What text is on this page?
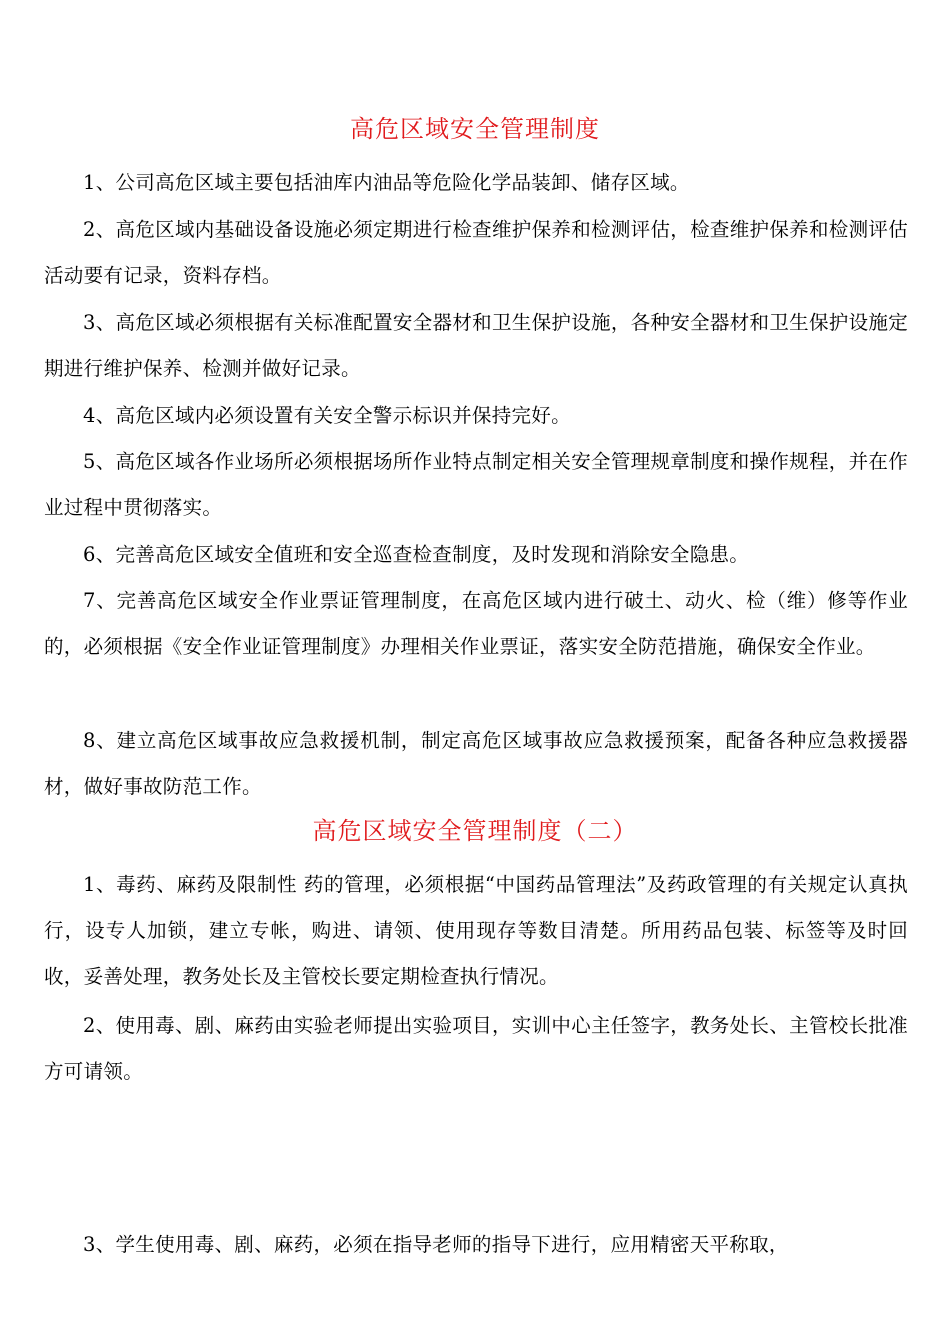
高危区域安全管理制度

1、公司高危区域主要包括油库内油品等危险化学品装卸、储存区域。

2、高危区域内基础设备设施必须定期进行检查维护保养和检测评估，检查维护保养和检测评估活动要有记录，资料存档。

3、高危区域必须根据有关标准配置安全器材和卫生保护设施，各种安全器材和卫生保护设施定期进行维护保养、检测并做好记录。

4、高危区域内必须设置有关安全警示标识并保持完好。

5、高危区域各作业场所必须根据场所作业特点制定相关安全管理规章制度和操作规程，并在作业过程中贯彻落实。

6、完善高危区域安全值班和安全巡查检查制度，及时发现和消除安全隐患。

7、完善高危区域安全作业票证管理制度，在高危区域内进行破土、动火、检（维）修等作业的，必须根据《安全作业证管理制度》办理相关作业票证，落实安全防范措施，确保安全作业。

8、建立高危区域事故应急救援机制，制定高危区域事故应急救援预案，配备各种应急救援器材，做好事故防范工作。

高危区域安全管理制度（二）

1、毒药、麻药及限制性 药的管理，必须根据“中国药品管理法”及药政管理的有关规定认真执行，设专人加锁，建立专帐，购进、请领、使用现存等数目清楚。所用药品包装、标签等及时回收，妥善处理，教务处长及主管校长要定期检查执行情况。

2、使用毒、剧、麻药由实验老师提出实验项目，实训中心主任签字，教务处长、主管校长批准方可请领。

3、学生使用毒、剧、麻药，必须在指导老师的指导下进行，应用精密天平称取，
